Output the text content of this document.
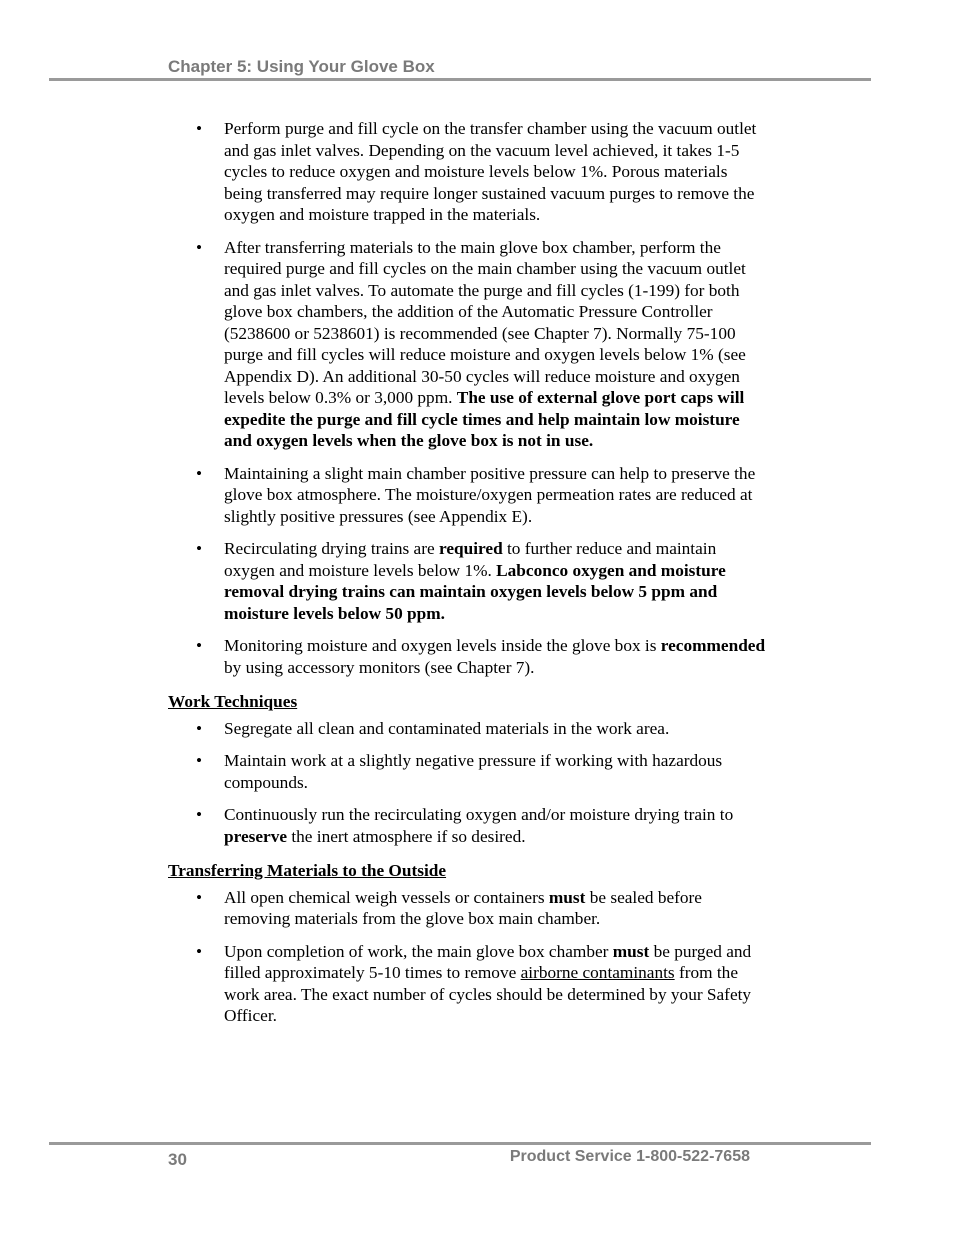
Chapter 5: Using Your Glove Box
• Perform purge and fill cycle on the transfer chamber using the vacuum outlet and gas inlet valves. Depending on the vacuum level achieved, it takes 1-5 cycles to reduce oxygen and moisture levels below 1%. Porous materials being transferred may require longer sustained vacuum purges to remove the oxygen and moisture trapped in the materials.
• After transferring materials to the main glove box chamber, perform the required purge and fill cycles on the main chamber using the vacuum outlet and gas inlet valves. To automate the purge and fill cycles (1-199) for both glove box chambers, the addition of the Automatic Pressure Controller (5238600 or 5238601) is recommended (see Chapter 7). Normally 75-100 purge and fill cycles will reduce moisture and oxygen levels below 1% (see Appendix D). An additional 30-50 cycles will reduce moisture and oxygen levels below 0.3% or 3,000 ppm. The use of external glove port caps will expedite the purge and fill cycle times and help maintain low moisture and oxygen levels when the glove box is not in use.
• Maintaining a slight main chamber positive pressure can help to preserve the glove box atmosphere. The moisture/oxygen permeation rates are reduced at slightly positive pressures (see Appendix E).
• Recirculating drying trains are required to further reduce and maintain oxygen and moisture levels below 1%. Labconco oxygen and moisture removal drying trains can maintain oxygen levels below 5 ppm and moisture levels below 50 ppm.
• Monitoring moisture and oxygen levels inside the glove box is recommended by using accessory monitors (see Chapter 7).
Work Techniques
• Segregate all clean and contaminated materials in the work area.
• Maintain work at a slightly negative pressure if working with hazardous compounds.
• Continuously run the recirculating oxygen and/or moisture drying train to preserve the inert atmosphere if so desired.
Transferring Materials to the Outside
• All open chemical weigh vessels or containers must be sealed before removing materials from the glove box main chamber.
• Upon completion of work, the main glove box chamber must be purged and filled approximately 5-10 times to remove airborne contaminants from the work area. The exact number of cycles should be determined by your Safety Officer.
30	Product Service 1-800-522-7658
